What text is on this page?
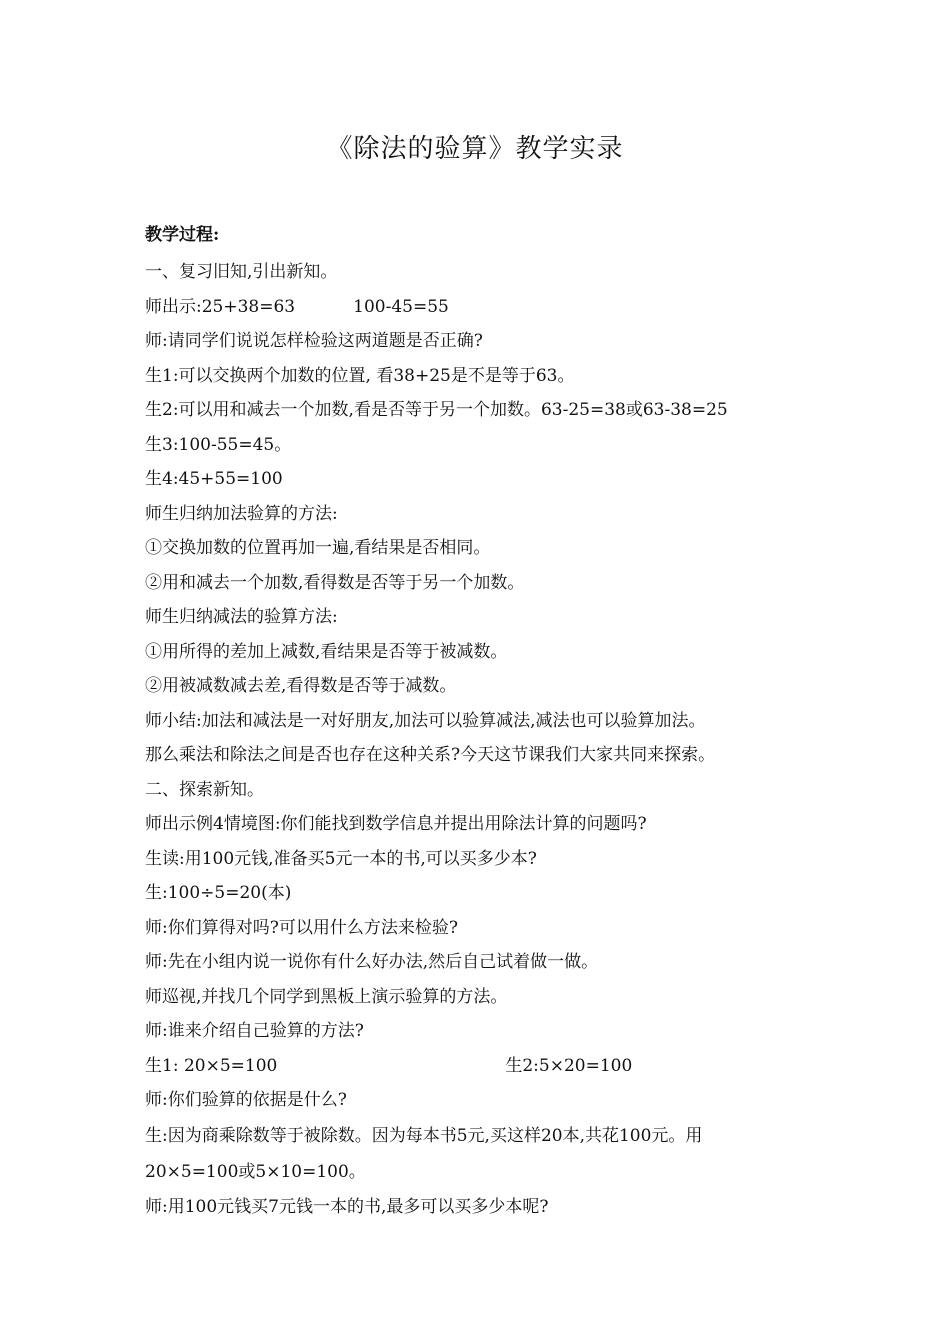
《除法的验算》教学实录
教学过程:
一、复习旧知,引出新知。
师出示:25+38=63	100-45=55
师:请同学们说说怎样检验这两道题是否正确?
生1:可以交换两个加数的位置, 看38+25是不是等于63。
生2:可以用和减去一个加数,看是否等于另一个加数。63-25=38或63-38=25
生3:100-55=45。
生4:45+55=100
师生归纳加法验算的方法:
①交换加数的位置再加一遍,看结果是否相同。
②用和减去一个加数,看得数是否等于另一个加数。
师生归纳减法的验算方法:
①用所得的差加上减数,看结果是否等于被减数。
②用被减数减去差,看得数是否等于减数。
师小结:加法和减法是一对好朋友,加法可以验算减法,减法也可以验算加法。
那么乘法和除法之间是否也存在这种关系?今天这节课我们大家共同来探索。
二、探索新知。
师出示例4情境图:你们能找到数学信息并提出用除法计算的问题吗?
生读:用100元钱,准备买5元一本的书,可以买多少本?
生:100÷5=20(本)
师:你们算得对吗?可以用什么方法来检验?
师:先在小组内说一说你有什么好办法,然后自己试着做一做。
师巡视,并找几个同学到黑板上演示验算的方法。
师:谁来介绍自己验算的方法?
生1: 20×5=100	生2:5×20=100
师:你们验算的依据是什么?
生:因为商乘除数等于被除数。因为每本书5元,买这样20本,共花100元。用
20×5=100或5×10=100。
师:用100元钱买7元钱一本的书,最多可以买多少本呢?
